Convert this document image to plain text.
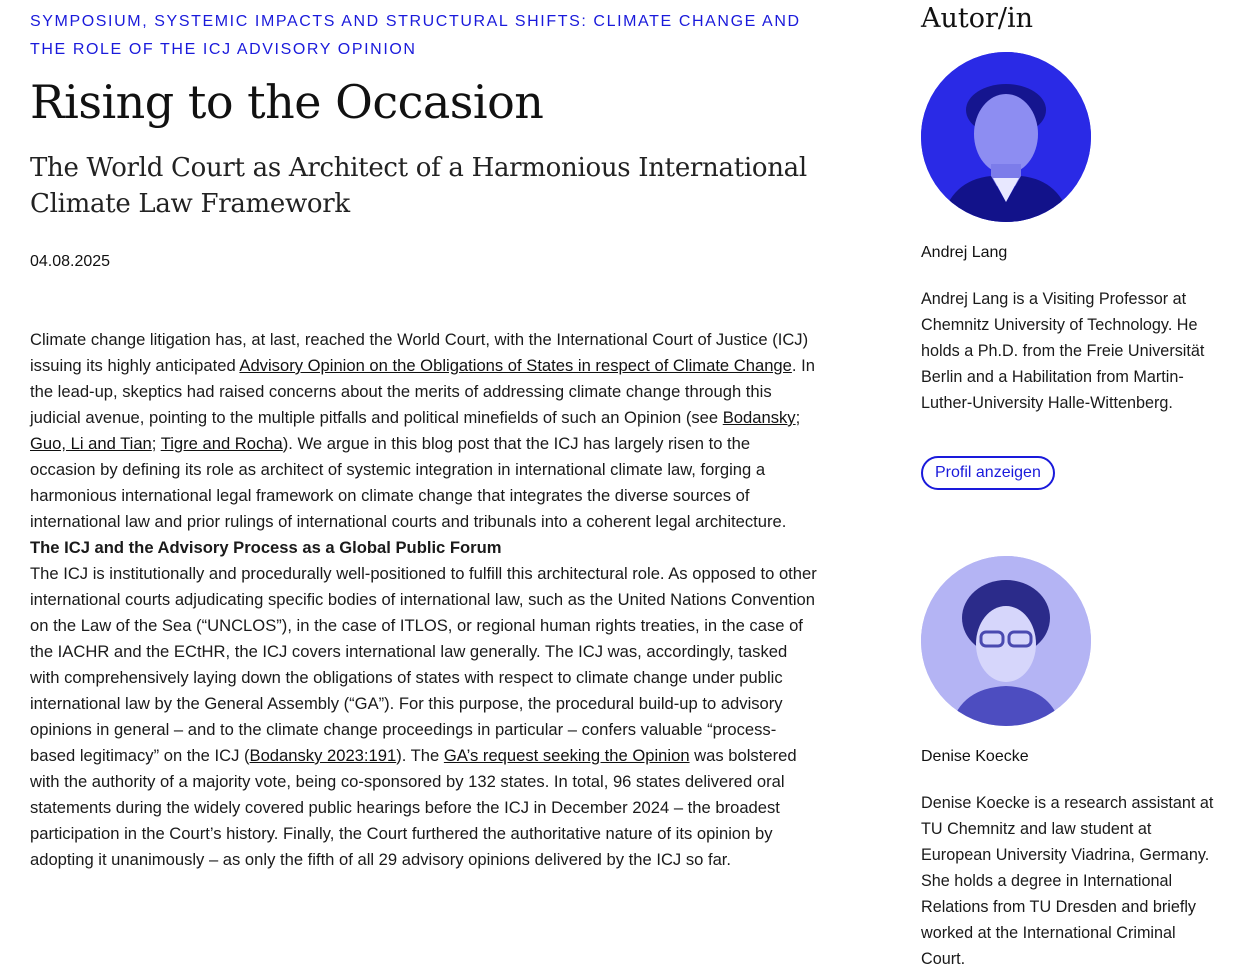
SYMPOSIUM, SYSTEMIC IMPACTS AND STRUCTURAL SHIFTS: CLIMATE CHANGE AND THE ROLE OF THE ICJ ADVISORY OPINION

Rising to the Occasion
The World Court as Architect of a Harmonious International Climate Law Framework
04.08.2025

Climate change litigation has, at last, reached the World Court, with the International Court of Justice (ICJ) issuing its highly anticipated Advisory Opinion on the Obligations of States in respect of Climate Change. In the lead-up, skeptics had raised concerns about the merits of addressing climate change through this judicial avenue, pointing to the multiple pitfalls and political minefields of such an Opinion (see Bodansky; Guo, Li and Tian; Tigre and Rocha). We argue in this blog post that the ICJ has largely risen to the occasion by defining its role as architect of systemic integration in international climate law, forging a harmonious international legal framework on climate change that integrates the diverse sources of international law and prior rulings of international courts and tribunals into a coherent legal architecture.

The ICJ and the Advisory Process as a Global Public Forum

The ICJ is institutionally and procedurally well-positioned to fulfill this architectural role. As opposed to other international courts adjudicating specific bodies of international law, such as the United Nations Convention on the Law of the Sea (“UNCLOS”), in the case of ITLOS, or regional human rights treaties, in the case of the IACHR and the ECtHR, the ICJ covers international law generally. The ICJ was, accordingly, tasked with comprehensively laying down the obligations of states with respect to climate change under public international law by the General Assembly (“GA”). For this purpose, the procedural build-up to advisory opinions in general – and to the climate change proceedings in particular – confers valuable “process-based legitimacy” on the ICJ (Bodansky 2023:191). The GA’s request seeking the Opinion was bolstered with the authority of a majority vote, being co-sponsored by 132 states. In total, 96 states delivered oral statements during the widely covered public hearings before the ICJ in December 2024 – the broadest participation in the Court’s history. Finally, the Court furthered the authoritative nature of its opinion by adopting it unanimously – as only the fifth of all 29 advisory opinions delivered by the ICJ so far.

Autor/in
Andrej Lang
Andrej Lang is a Visiting Professor at Chemnitz University of Technology. He holds a Ph.D. from the Freie Universität Berlin and a Habilitation from Martin-Luther-University Halle-Wittenberg.
Profil anzeigen
Denise Koecke
Denise Koecke is a research assistant at TU Chemnitz and law student at European University Viadrina, Germany. She holds a degree in International Relations from TU Dresden and briefly worked at the International Criminal Court.
